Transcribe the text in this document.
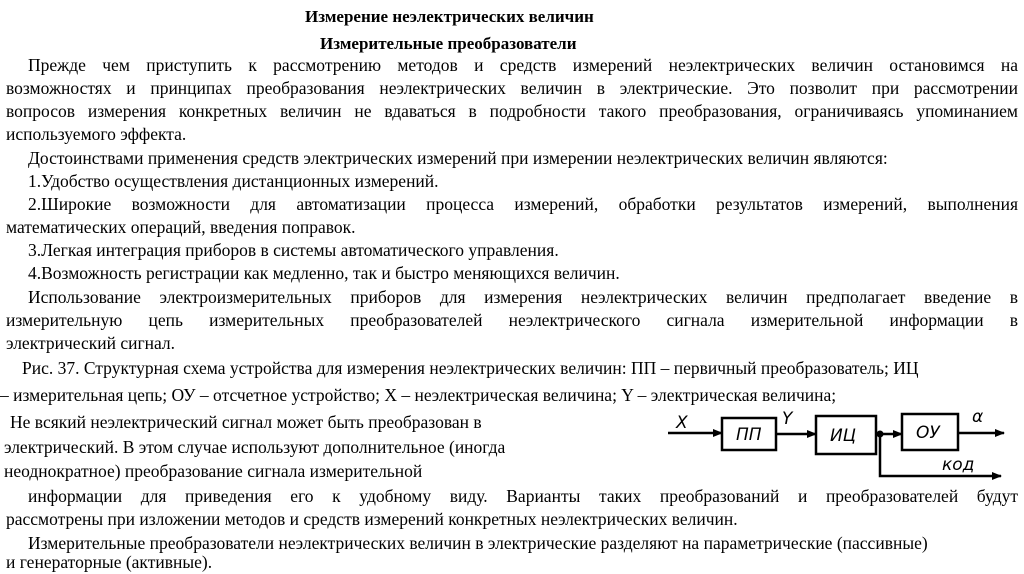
Измерение неэлектрических величин
Измерительные преобразователи
Прежде чем приступить к рассмотрению методов и средств измерений неэлектрических величин остановимся на
возможностях и принципах преобразования неэлектрических величин в электрические. Это позволит при рассмотрении
вопросов измерения конкретных величин не вдаваться в подробности такого преобразования, ограничиваясь упоминанием
используемого эффекта.
Достоинствами применения средств электрических измерений при измерении неэлектрических величин являются:
1.Удобство осуществления дистанционных измерений.
2.Широкие возможности для автоматизации процесса измерений, обработки результатов измерений, выполнения
математических операций, введения поправок.
3.Легкая интеграция приборов в системы автоматического управления.
4.Возможность регистрации как медленно, так и быстро меняющихся величин.
Использование электроизмерительных приборов для измерения неэлектрических величин предполагает введение в
измерительную цепь измерительных преобразователей неэлектрического сигнала измерительной информации в
электрический сигнал.
Рис. 37. Структурная схема устройства для измерения неэлектрических величин: ПП – первичный преобразователь; ИЦ
– измерительная цепь; ОУ – отсчетное устройство; X – неэлектрическая величина; Y – электрическая величина;
Не всякий неэлектрический сигнал может быть преобразован в
электрический. В этом случае используют дополнительное (иногда
неоднократное) преобразование сигнала измерительной
информации для приведения его к удобному виду. Варианты таких преобразований и преобразователей будут
рассмотрены при изложении методов и средств измерений конкретных неэлектрических величин.
Измерительные преобразователи неэлектрических величин в электрические разделяют на параметрические (пассивные)
и генераторные (активные).
X
ПП
Y
ИЦ	ОУ
α
код
